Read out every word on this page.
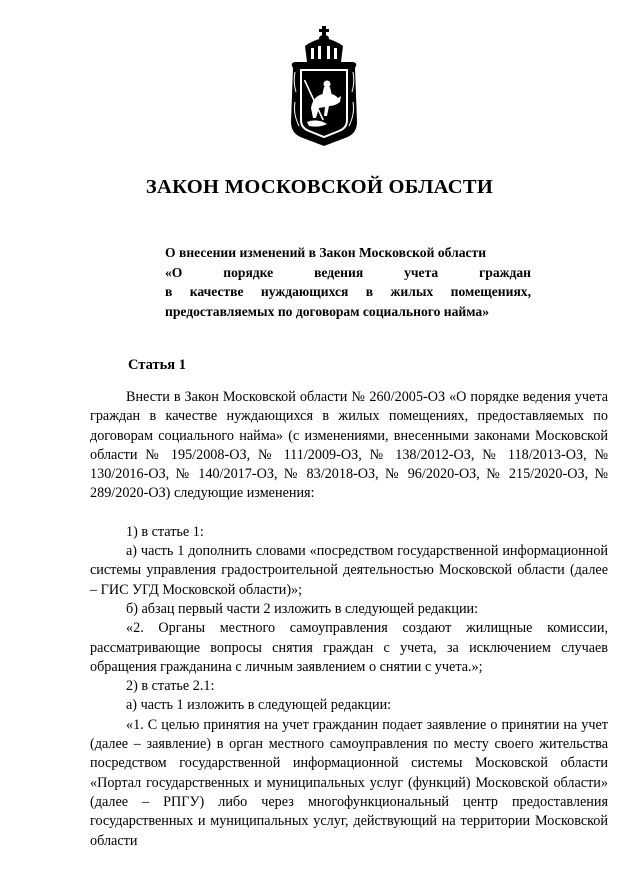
ЗАКОН МОСКОВСКОЙ ОБЛАСТИ
О внесении изменений в Закон Московской области
«О порядке ведения учета граждан
в качестве нуждающихся в жилых помещениях,
предоставляемых по договорам социального найма»
Статья 1

Внести в Закон Московской области № 260/2005-ОЗ «О порядке ведения учета граждан в качестве нуждающихся в жилых помещениях, предоставляемых по договорам социального найма» (с изменениями, внесенными законами Московской области № 195/2008-ОЗ, № 111/2009-ОЗ, № 138/2012-ОЗ, № 118/2013-ОЗ, № 130/2016-ОЗ, № 140/2017-ОЗ, № 83/2018-ОЗ, № 96/2020-ОЗ, № 215/2020-ОЗ, № 289/2020-ОЗ) следующие изменения:

1) в статье 1:

а) часть 1 дополнить словами «посредством государственной информационной системы управления градостроительной деятельностью Московской области (далее – ГИС УГД Московской области)»;

б) абзац первый части 2 изложить в следующей редакции:

«2. Органы местного самоуправления создают жилищные комиссии, рассматривающие вопросы снятия граждан с учета, за исключением случаев обращения гражданина с личным заявлением о снятии с учета.»;

2) в статье 2.1:

а) часть 1 изложить в следующей редакции:

«1. С целью принятия на учет гражданин подает заявление о принятии на учет (далее – заявление) в орган местного самоуправления по месту своего жительства посредством государственной информационной системы Московской области «Портал государственных и муниципальных услуг (функций) Московской области» (далее – РПГУ) либо через многофункциональный центр предоставления государственных и муниципальных услуг, действующий на территории Московской области
